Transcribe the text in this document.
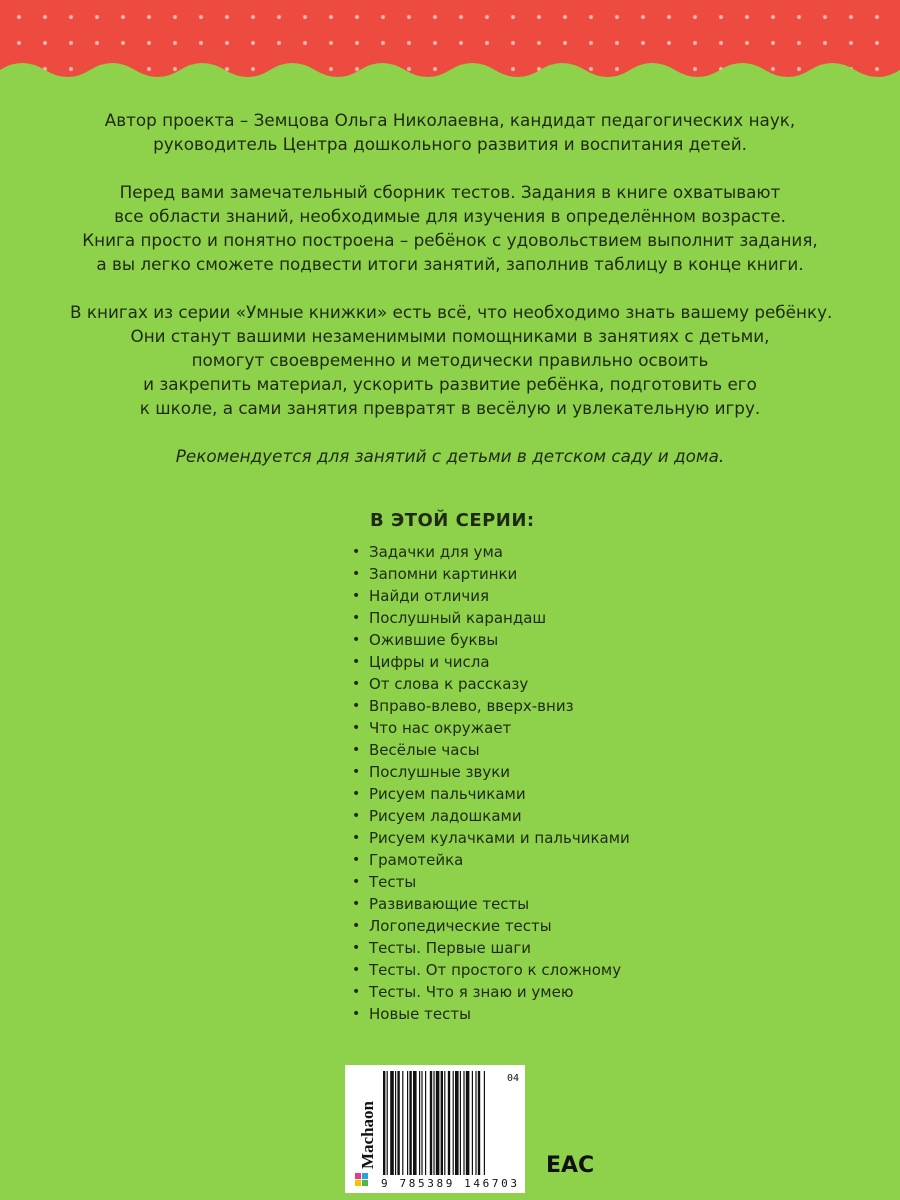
Автор проекта – Земцова Ольга Николаевна, кандидат педагогических наук,
руководитель Центра дошкольного развития и воспитания детей.

Перед вами замечательный сборник тестов. Задания в книге охватывают
все области знаний, необходимые для изучения в определённом возрасте.
Книга просто и понятно построена – ребёнок с удовольствием выполнит задания,
а вы легко сможете подвести итоги занятий, заполнив таблицу в конце книги.

В книгах из серии «Умные книжки» есть всё, что необходимо знать вашему ребёнку.
Они станут вашими незаменимыми помощниками в занятиях с детьми,
помогут своевременно и методически правильно освоить
и закрепить материал, ускорить развитие ребёнка, подготовить его
к школе, а сами занятия превратят в весёлую и увлекательную игру.

Рекомендуется для занятий с детьми в детском саду и дома.

В ЭТОЙ СЕРИИ:
• Задачки для ума
• Запомни картинки
• Найди отличия
• Послушный карандаш
• Ожившие буквы
• Цифры и числа
• От слова к рассказу
• Вправо-влево, вверх-вниз
• Что нас окружает
• Весёлые часы
• Послушные звуки
• Рисуем пальчиками
• Рисуем ладошками
• Рисуем кулачками и пальчиками
• Грамотейка
• Тесты
• Развивающие тесты
• Логопедические тесты
• Тесты. Первые шаги
• Тесты. От простого к сложному
• Тесты. Что я знаю и умею
• Новые тесты
Machaon
9 785389 146703
04
EAC
